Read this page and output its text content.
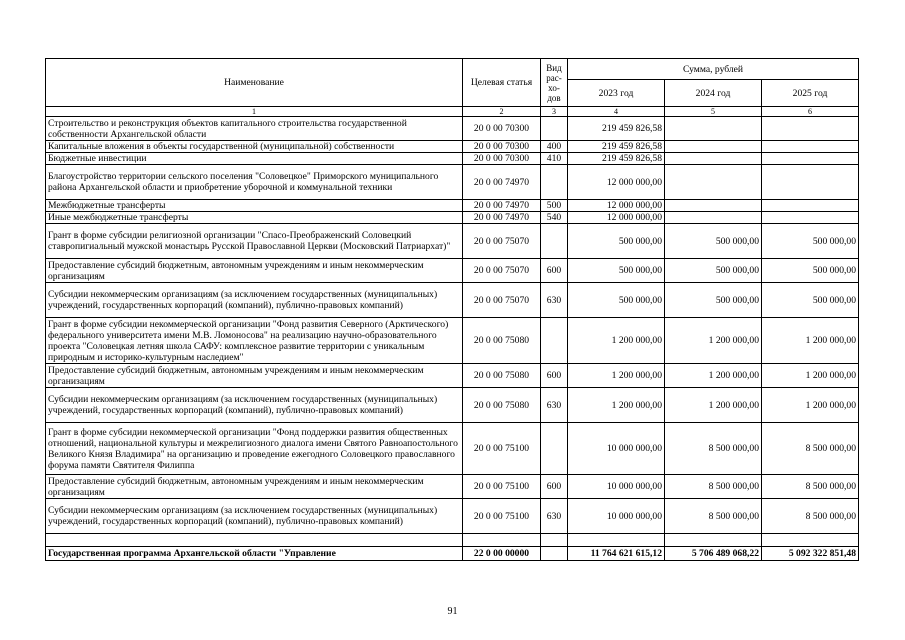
Наименование	Целевая статья	Вид рас-
хо-
дов	Сумма, рублей		
			2023 год	2024 год	2025 год
1	2	3	4	5	6
Строительство и реконструкция объектов капитального строительства государственной собственности Архангельской области	20 0 00 70300		219 459 826,58		
Капитальные вложения в объекты государственной (муниципальной) собственности	20 0 00 70300	400	219 459 826,58		
Бюджетные инвестиции	20 0 00 70300	410	219 459 826,58		
Благоустройство территории сельского поселения "Соловецкое" Приморского муниципального района Архангельской области и приобретение уборочной и коммунальной техники	20 0 00 74970		12 000 000,00		
Межбюджетные трансферты	20 0 00 74970	500	12 000 000,00		
Иные межбюджетные трансферты	20 0 00 74970	540	12 000 000,00		
Грант в форме субсидии религиозной организации "Спасо-Преображенский Соловецкий ставропигиальный мужской монастырь Русской Православной Церкви (Московский Патриархат)"	20 0 00 75070		500 000,00	500 000,00	500 000,00
Предоставление субсидий бюджетным, автономным учреждениям и иным некоммерческим организациям	20 0 00 75070	600	500 000,00	500 000,00	500 000,00
Субсидии некоммерческим организациям (за исключением государственных (муниципальных) учреждений, государственных корпораций (компаний), публично-правовых компаний)	20 0 00 75070	630	500 000,00	500 000,00	500 000,00
Грант в форме субсидии некоммерческой организации "Фонд развития Северного (Арктического) федерального университета имени М.В. Ломоносова" на реализацию научно-образовательного проекта "Соловецкая летняя школа САФУ: комплексное развитие территории с уникальным природным и историко-культурным наследием"	20 0 00 75080		1 200 000,00	1 200 000,00	1 200 000,00
Предоставление субсидий бюджетным, автономным учреждениям и иным некоммерческим организациям	20 0 00 75080	600	1 200 000,00	1 200 000,00	1 200 000,00
Субсидии некоммерческим организациям (за исключением государственных (муниципальных) учреждений, государственных корпораций (компаний), публично-правовых компаний)	20 0 00 75080	630	1 200 000,00	1 200 000,00	1 200 000,00
Грант в форме субсидии некоммерческой организации "Фонд поддержки развития общественных отношений, национальной культуры и межрелигиозного диалога имени Святого Равноапостольного Великого Князя Владимира" на организацию и проведение ежегодного Соловецкого православного форума памяти Святителя Филиппа	20 0 00 75100		10 000 000,00	8 500 000,00	8 500 000,00
Предоставление субсидий бюджетным, автономным учреждениям и иным некоммерческим организациям	20 0 00 75100	600	10 000 000,00	8 500 000,00	8 500 000,00
Субсидии некоммерческим организациям (за исключением государственных (муниципальных) учреждений, государственных корпораций (компаний), публично-правовых компаний)	20 0 00 75100	630	10 000 000,00	8 500 000,00	8 500 000,00

Государственная программа Архангельской области "Управление	22 0 00 00000		11 764 621 615,12	5 706 489 068,22	5 092 322 851,48
91
